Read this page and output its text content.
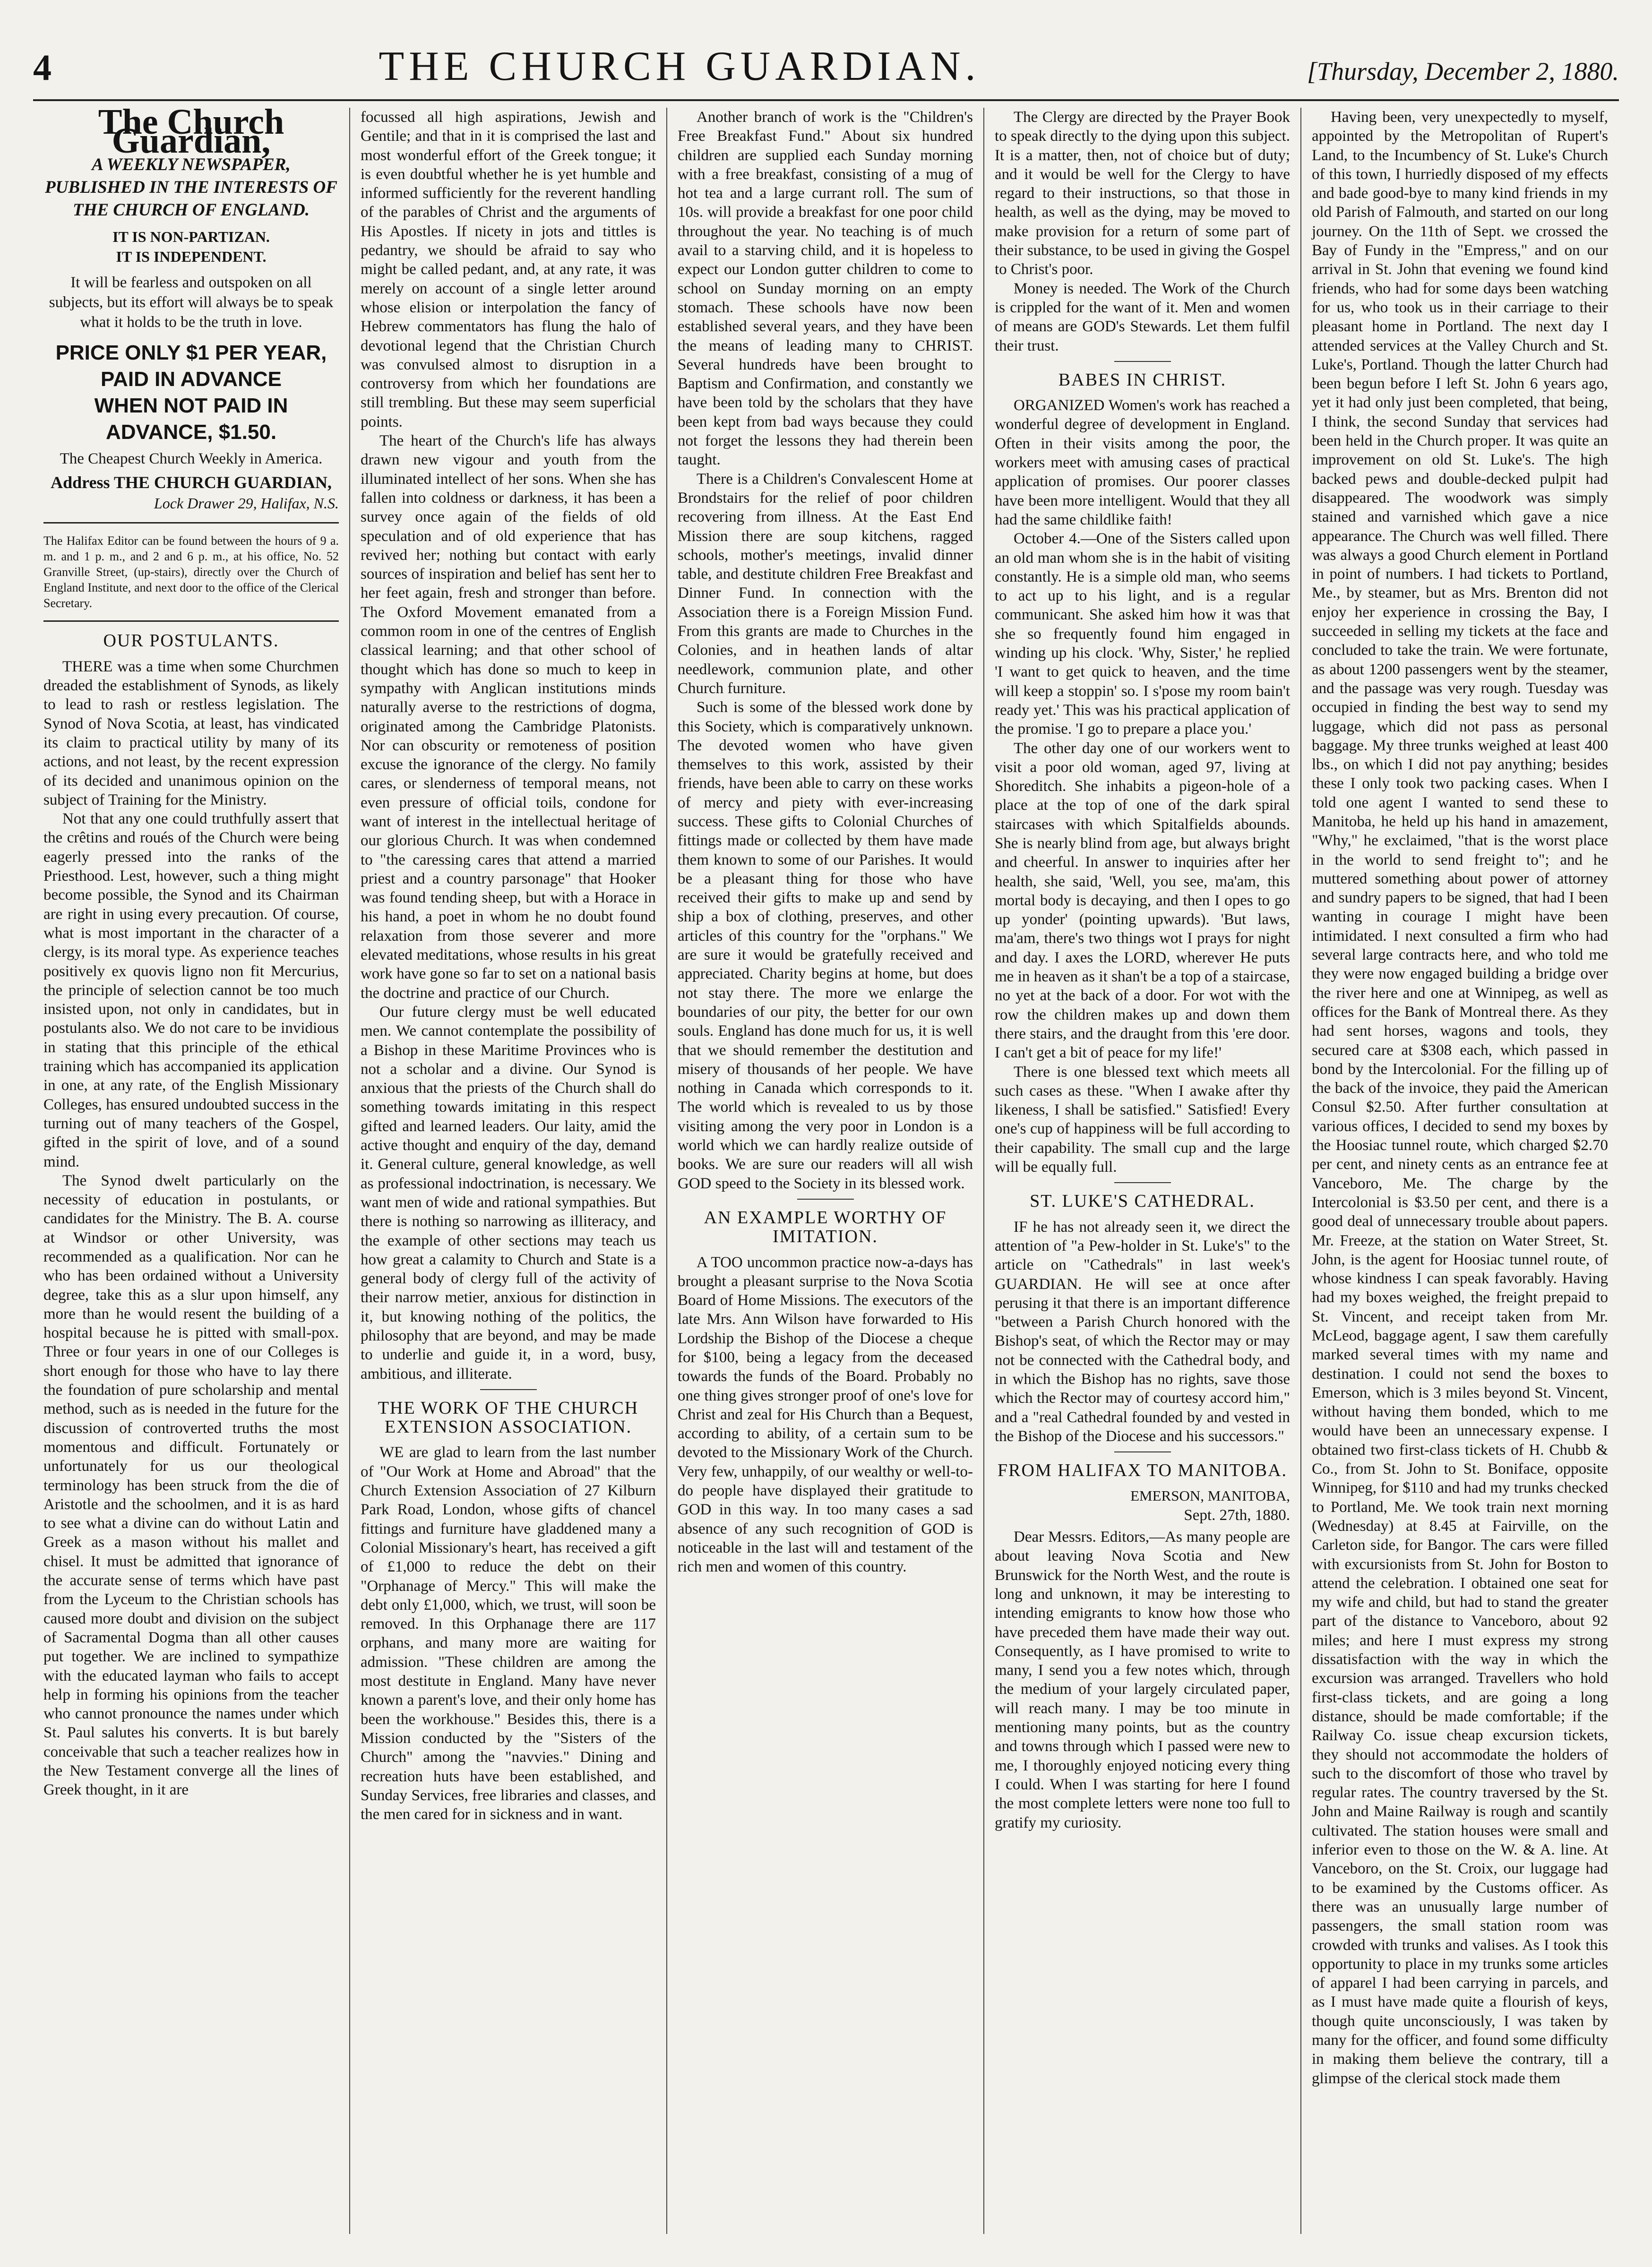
4	THE CHURCH GUARDIAN.	[Thursday, December 2, 1880.
The Church Guardian,
A WEEKLY NEWSPAPER, PUBLISHED IN THE INTERESTS OF THE CHURCH OF ENGLAND.
IT IS NON-PARTIZAN.
IT IS INDEPENDENT.
It will be fearless and outspoken on all subjects, but its effort will always be to speak what it holds to be the truth in love.
PRICE ONLY $1 PER YEAR, PAID IN ADVANCE
WHEN NOT PAID IN ADVANCE, $1.50.
The Cheapest Church Weekly in America.
Address THE CHURCH GUARDIAN,
Lock Drawer 29, Halifax, N.S.
The Halifax Editor can be found between the hours of 9 a. m. and 1 p. m., and 2 and 6 p. m., at his office, No. 52 Granville Street, (up-stairs), directly over the Church of England Institute, and next door to the office of the Clerical Secretary.
OUR POSTULANTS.

THERE was a time when some Churchmen dreaded the establishment of Synods, as likely to lead to rash or restless legislation. The Synod of Nova Scotia, at least, has vindicated its claim to practical utility by many of its actions, and not least, by the recent expression of its decided and unanimous opinion on the subject of Training for the Ministry.

Not that any one could truthfully assert that the crêtins and roués of the Church were being eagerly pressed into the ranks of the Priesthood. Lest, however, such a thing might become possible, the Synod and its Chairman are right in using every precaution. Of course, what is most important in the character of a clergy, is its moral type. As experience teaches positively ex quovis ligno non fit Mercurius, the principle of selection cannot be too much insisted upon, not only in candidates, but in postulants also. We do not care to be invidious in stating that this principle of the ethical training which has accompanied its application in one, at any rate, of the English Missionary Colleges, has ensured undoubted success in the turning out of many teachers of the Gospel, gifted in the spirit of love, and of a sound mind.

The Synod dwelt particularly on the necessity of education in postulants, or candidates for the Ministry. The B. A. course at Windsor or other University, was recommended as a qualification. Nor can he who has been ordained without a University degree, take this as a slur upon himself, any more than he would resent the building of a hospital because he is pitted with small-pox. Three or four years in one of our Colleges is short enough for those who have to lay there the foundation of pure scholarship and mental method, such as is needed in the future for the discussion of controverted truths the most momentous and difficult. Fortunately or unfortunately for us our theological terminology has been struck from the die of Aristotle and the schoolmen, and it is as hard to see what a divine can do without Latin and Greek as a mason without his mallet and chisel. It must be admitted that ignorance of the accurate sense of terms which have past from the Lyceum to the Christian schools has caused more doubt and division on the subject of Sacramental Dogma than all other causes put together. We are inclined to sympathize with the educated layman who fails to accept help in forming his opinions from the teacher who cannot pronounce the names under which St. Paul salutes his converts. It is but barely conceivable that such a teacher realizes how in the New Testament converge all the lines of Greek thought, in it are

focussed all high aspirations, Jewish and Gentile; and that in it is comprised the last and most wonderful effort of the Greek tongue; it is even doubtful whether he is yet humble and informed sufficiently for the reverent handling of the parables of Christ and the arguments of His Apostles. If nicety in jots and tittles is pedantry, we should be afraid to say who might be called pedant, and, at any rate, it was merely on account of a single letter around whose elision or interpolation the fancy of Hebrew commentators has flung the halo of devotional legend that the Christian Church was convulsed almost to disruption in a controversy from which her foundations are still trembling. But these may seem superficial points.

The heart of the Church's life has always drawn new vigour and youth from the illuminated intellect of her sons. When she has fallen into coldness or darkness, it has been a survey once again of the fields of old speculation and of old experience that has revived her; nothing but contact with early sources of inspiration and belief has sent her to her feet again, fresh and stronger than before. The Oxford Movement emanated from a common room in one of the centres of English classical learning; and that other school of thought which has done so much to keep in sympathy with Anglican institutions minds naturally averse to the restrictions of dogma, originated among the Cambridge Platonists. Nor can obscurity or remoteness of position excuse the ignorance of the clergy. No family cares, or slenderness of temporal means, not even pressure of official toils, condone for want of interest in the intellectual heritage of our glorious Church. It was when condemned to "the caressing cares that attend a married priest and a country parsonage" that Hooker was found tending sheep, but with a Horace in his hand, a poet in whom he no doubt found relaxation from those severer and more elevated meditations, whose results in his great work have gone so far to set on a national basis the doctrine and practice of our Church.

Our future clergy must be well educated men. We cannot contemplate the possibility of a Bishop in these Maritime Provinces who is not a scholar and a divine. Our Synod is anxious that the priests of the Church shall do something towards imitating in this respect gifted and learned leaders. Our laity, amid the active thought and enquiry of the day, demand it. General culture, general knowledge, as well as professional indoctrination, is necessary. We want men of wide and rational sympathies. But there is nothing so narrowing as illiteracy, and the example of other sections may teach us how great a calamity to Church and State is a general body of clergy full of the activity of their narrow metier, anxious for distinction in it, but knowing nothing of the politics, the philosophy that are beyond, and may be made to underlie and guide it, in a word, busy, ambitious, and illiterate.

THE WORK OF THE CHURCH EXTENSION ASSOCIATION.

WE are glad to learn from the last number of "Our Work at Home and Abroad" that the Church Extension Association of 27 Kilburn Park Road, London, whose gifts of chancel fittings and furniture have gladdened many a Colonial Missionary's heart, has received a gift of £1,000 to reduce the debt on their "Orphanage of Mercy." This will make the debt only £1,000, which, we trust, will soon be removed. In this Orphanage there are 117 orphans, and many more are waiting for admission. "These children are among the most destitute in England. Many have never known a parent's love, and their only home has been the workhouse." Besides this, there is a Mission conducted by the "Sisters of the Church" among the "navvies." Dining and recreation huts have been established, and Sunday Services, free libraries and classes, and the men cared for in sickness and in want.

Another branch of work is the "Children's Free Breakfast Fund." About six hundred children are supplied each Sunday morning with a free breakfast, consisting of a mug of hot tea and a large currant roll. The sum of 10s. will provide a breakfast for one poor child throughout the year. No teaching is of much avail to a starving child, and it is hopeless to expect our London gutter children to come to school on Sunday morning on an empty stomach. These schools have now been established several years, and they have been the means of leading many to CHRIST. Several hundreds have been brought to Baptism and Confirmation, and constantly we have been told by the scholars that they have been kept from bad ways because they could not forget the lessons they had therein been taught.

There is a Children's Convalescent Home at Brondstairs for the relief of poor children recovering from illness. At the East End Mission there are soup kitchens, ragged schools, mother's meetings, invalid dinner table, and destitute children Free Breakfast and Dinner Fund. In connection with the Association there is a Foreign Mission Fund. From this grants are made to Churches in the Colonies, and in heathen lands of altar needlework, communion plate, and other Church furniture.

Such is some of the blessed work done by this Society, which is comparatively unknown. The devoted women who have given themselves to this work, assisted by their friends, have been able to carry on these works of mercy and piety with ever-increasing success. These gifts to Colonial Churches of fittings made or collected by them have made them known to some of our Parishes. It would be a pleasant thing for those who have received their gifts to make up and send by ship a box of clothing, preserves, and other articles of this country for the "orphans." We are sure it would be gratefully received and appreciated. Charity begins at home, but does not stay there. The more we enlarge the boundaries of our pity, the better for our own souls. England has done much for us, it is well that we should remember the destitution and misery of thousands of her people. We have nothing in Canada which corresponds to it. The world which is revealed to us by those visiting among the very poor in London is a world which we can hardly realize outside of books. We are sure our readers will all wish GOD speed to the Society in its blessed work.

AN EXAMPLE WORTHY OF IMITATION.

A TOO uncommon practice now-a-days has brought a pleasant surprise to the Nova Scotia Board of Home Missions. The executors of the late Mrs. Ann Wilson have forwarded to His Lordship the Bishop of the Diocese a cheque for $100, being a legacy from the deceased towards the funds of the Board. Probably no one thing gives stronger proof of one's love for Christ and zeal for His Church than a Bequest, according to ability, of a certain sum to be devoted to the Missionary Work of the Church. Very few, unhappily, of our wealthy or well-to-do people have displayed their gratitude to GOD in this way. In too many cases a sad absence of any such recognition of GOD is noticeable in the last will and testament of the rich men and women of this country.

The Clergy are directed by the Prayer Book to speak directly to the dying upon this subject. It is a matter, then, not of choice but of duty; and it would be well for the Clergy to have regard to their instructions, so that those in health, as well as the dying, may be moved to make provision for a return of some part of their substance, to be used in giving the Gospel to Christ's poor.

Money is needed. The Work of the Church is crippled for the want of it. Men and women of means are GOD's Stewards. Let them fulfil their trust.

BABES IN CHRIST.

ORGANIZED Women's work has reached a wonderful degree of development in England. Often in their visits among the poor, the workers meet with amusing cases of practical application of promises. Our poorer classes have been more intelligent. Would that they all had the same childlike faith!

October 4.—One of the Sisters called upon an old man whom she is in the habit of visiting constantly. He is a simple old man, who seems to act up to his light, and is a regular communicant. She asked him how it was that she so frequently found him engaged in winding up his clock. 'Why, Sister,' he replied 'I want to get quick to heaven, and the time will keep a stoppin' so. I s'pose my room bain't ready yet.' This was his practical application of the promise. 'I go to prepare a place you.'

The other day one of our workers went to visit a poor old woman, aged 97, living at Shoreditch. She inhabits a pigeon-hole of a place at the top of one of the dark spiral staircases with which Spitalfields abounds. She is nearly blind from age, but always bright and cheerful. In answer to inquiries after her health, she said, 'Well, you see, ma'am, this mortal body is decaying, and then I opes to go up yonder' (pointing upwards). 'But laws, ma'am, there's two things wot I prays for night and day. I axes the LORD, wherever He puts me in heaven as it shan't be a top of a staircase, no yet at the back of a door. For wot with the row the children makes up and down them there stairs, and the draught from this 'ere door. I can't get a bit of peace for my life!'

There is one blessed text which meets all such cases as these. "When I awake after thy likeness, I shall be satisfied." Satisfied! Every one's cup of happiness will be full according to their capability. The small cup and the large will be equally full.

ST. LUKE'S CATHEDRAL.

IF he has not already seen it, we direct the attention of "a Pew-holder in St. Luke's" to the article on "Cathedrals" in last week's GUARDIAN. He will see at once after perusing it that there is an important difference "between a Parish Church honored with the Bishop's seat, of which the Rector may or may not be connected with the Cathedral body, and in which the Bishop has no rights, save those which the Rector may of courtesy accord him," and a "real Cathedral founded by and vested in the Bishop of the Diocese and his successors."

FROM HALIFAX TO MANITOBA.
EMERSON, MANITOBA,
Sept. 27th, 1880.

Dear Messrs. Editors,—As many people are about leaving Nova Scotia and New Brunswick for the North West, and the route is long and unknown, it may be interesting to intending emigrants to know how those who have preceded them have made their way out. Consequently, as I have promised to write to many, I send you a few notes which, through the medium of your largely circulated paper, will reach many. I may be too minute in mentioning many points, but as the country and towns through which I passed were new to me, I thoroughly enjoyed noticing every thing I could. When I was starting for here I found the most complete letters were none too full to gratify my curiosity.

Having been, very unexpectedly to myself, appointed by the Metropolitan of Rupert's Land, to the Incumbency of St. Luke's Church of this town, I hurriedly disposed of my effects and bade good-bye to many kind friends in my old Parish of Falmouth, and started on our long journey. On the 11th of Sept. we crossed the Bay of Fundy in the "Empress," and on our arrival in St. John that evening we found kind friends, who had for some days been watching for us, who took us in their carriage to their pleasant home in Portland. The next day I attended services at the Valley Church and St. Luke's, Portland. Though the latter Church had been begun before I left St. John 6 years ago, yet it had only just been completed, that being, I think, the second Sunday that services had been held in the Church proper. It was quite an improvement on old St. Luke's. The high backed pews and double-decked pulpit had disappeared. The woodwork was simply stained and varnished which gave a nice appearance. The Church was well filled. There was always a good Church element in Portland in point of numbers. I had tickets to Portland, Me., by steamer, but as Mrs. Brenton did not enjoy her experience in crossing the Bay, I succeeded in selling my tickets at the face and concluded to take the train. We were fortunate, as about 1200 passengers went by the steamer, and the passage was very rough. Tuesday was occupied in finding the best way to send my luggage, which did not pass as personal baggage. My three trunks weighed at least 400 lbs., on which I did not pay anything; besides these I only took two packing cases. When I told one agent I wanted to send these to Manitoba, he held up his hand in amazement, "Why," he exclaimed, "that is the worst place in the world to send freight to"; and he muttered something about power of attorney and sundry papers to be signed, that had I been wanting in courage I might have been intimidated. I next consulted a firm who had several large contracts here, and who told me they were now engaged building a bridge over the river here and one at Winnipeg, as well as offices for the Bank of Montreal there. As they had sent horses, wagons and tools, they secured care at $308 each, which passed in bond by the Intercolonial. For the filling up of the back of the invoice, they paid the American Consul $2.50. After further consultation at various offices, I decided to send my boxes by the Hoosiac tunnel route, which charged $2.70 per cent, and ninety cents as an entrance fee at Vanceboro, Me. The charge by the Intercolonial is $3.50 per cent, and there is a good deal of unnecessary trouble about papers. Mr. Freeze, at the station on Water Street, St. John, is the agent for Hoosiac tunnel route, of whose kindness I can speak favorably. Having had my boxes weighed, the freight prepaid to St. Vincent, and receipt taken from Mr. McLeod, baggage agent, I saw them carefully marked several times with my name and destination. I could not send the boxes to Emerson, which is 3 miles beyond St. Vincent, without having them bonded, which to me would have been an unnecessary expense. I obtained two first-class tickets of H. Chubb & Co., from St. John to St. Boniface, opposite Winnipeg, for $110 and had my trunks checked to Portland, Me. We took train next morning (Wednesday) at 8.45 at Fairville, on the Carleton side, for Bangor. The cars were filled with excursionists from St. John for Boston to attend the celebration. I obtained one seat for my wife and child, but had to stand the greater part of the distance to Vanceboro, about 92 miles; and here I must express my strong dissatisfaction with the way in which the excursion was arranged. Travellers who hold first-class tickets, and are going a long distance, should be made comfortable; if the Railway Co. issue cheap excursion tickets, they should not accommodate the holders of such to the discomfort of those who travel by regular rates. The country traversed by the St. John and Maine Railway is rough and scantily cultivated. The station houses were small and inferior even to those on the W. & A. line. At Vanceboro, on the St. Croix, our luggage had to be examined by the Customs officer. As there was an unusually large number of passengers, the small station room was crowded with trunks and valises. As I took this opportunity to place in my trunks some articles of apparel I had been carrying in parcels, and as I must have made quite a flourish of keys, though quite unconsciously, I was taken by many for the officer, and found some difficulty in making them believe the contrary, till a glimpse of the clerical stock made them
